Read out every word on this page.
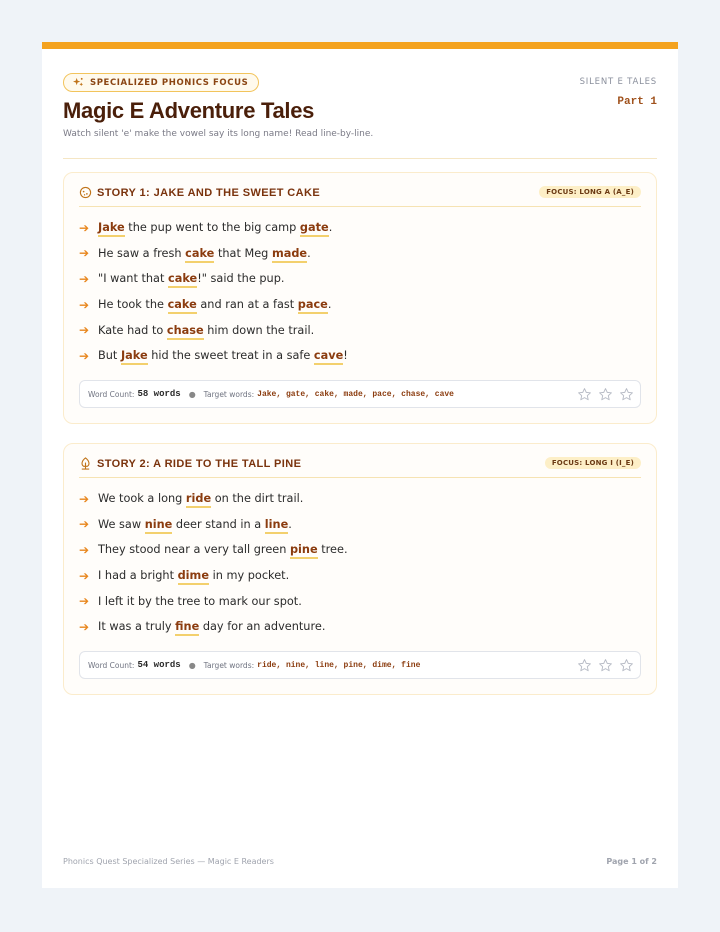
SPECIALIZED PHONICS FOCUS
Magic E Adventure Tales
Watch silent 'e' make the vowel say its long name! Read line-by-line.
SILENT E TALES
Part 1
STORY 1: JAKE AND THE SWEET CAKE	FOCUS: LONG A (A_E)
➔ Jake the pup went to the big camp gate.
➔ He saw a fresh cake that Meg made.
➔ "I want that cake!" said the pup.
➔ He took the cake and ran at a fast pace.
➔ Kate had to chase him down the trail.
➔ But Jake hid the sweet treat in a safe cave!
Word Count: 58 words ● Target words: Jake, gate, cake, made, pace, chase, cave
STORY 2: A RIDE TO THE TALL PINE	FOCUS: LONG I (I_E)
➔ We took a long ride on the dirt trail.
➔ We saw nine deer stand in a line.
➔ They stood near a very tall green pine tree.
➔ I had a bright dime in my pocket.
➔ I left it by the tree to mark our spot.
➔ It was a truly fine day for an adventure.
Word Count: 54 words ● Target words: ride, nine, line, pine, dime, fine
Phonics Quest Specialized Series — Magic E Readers	Page 1 of 2
